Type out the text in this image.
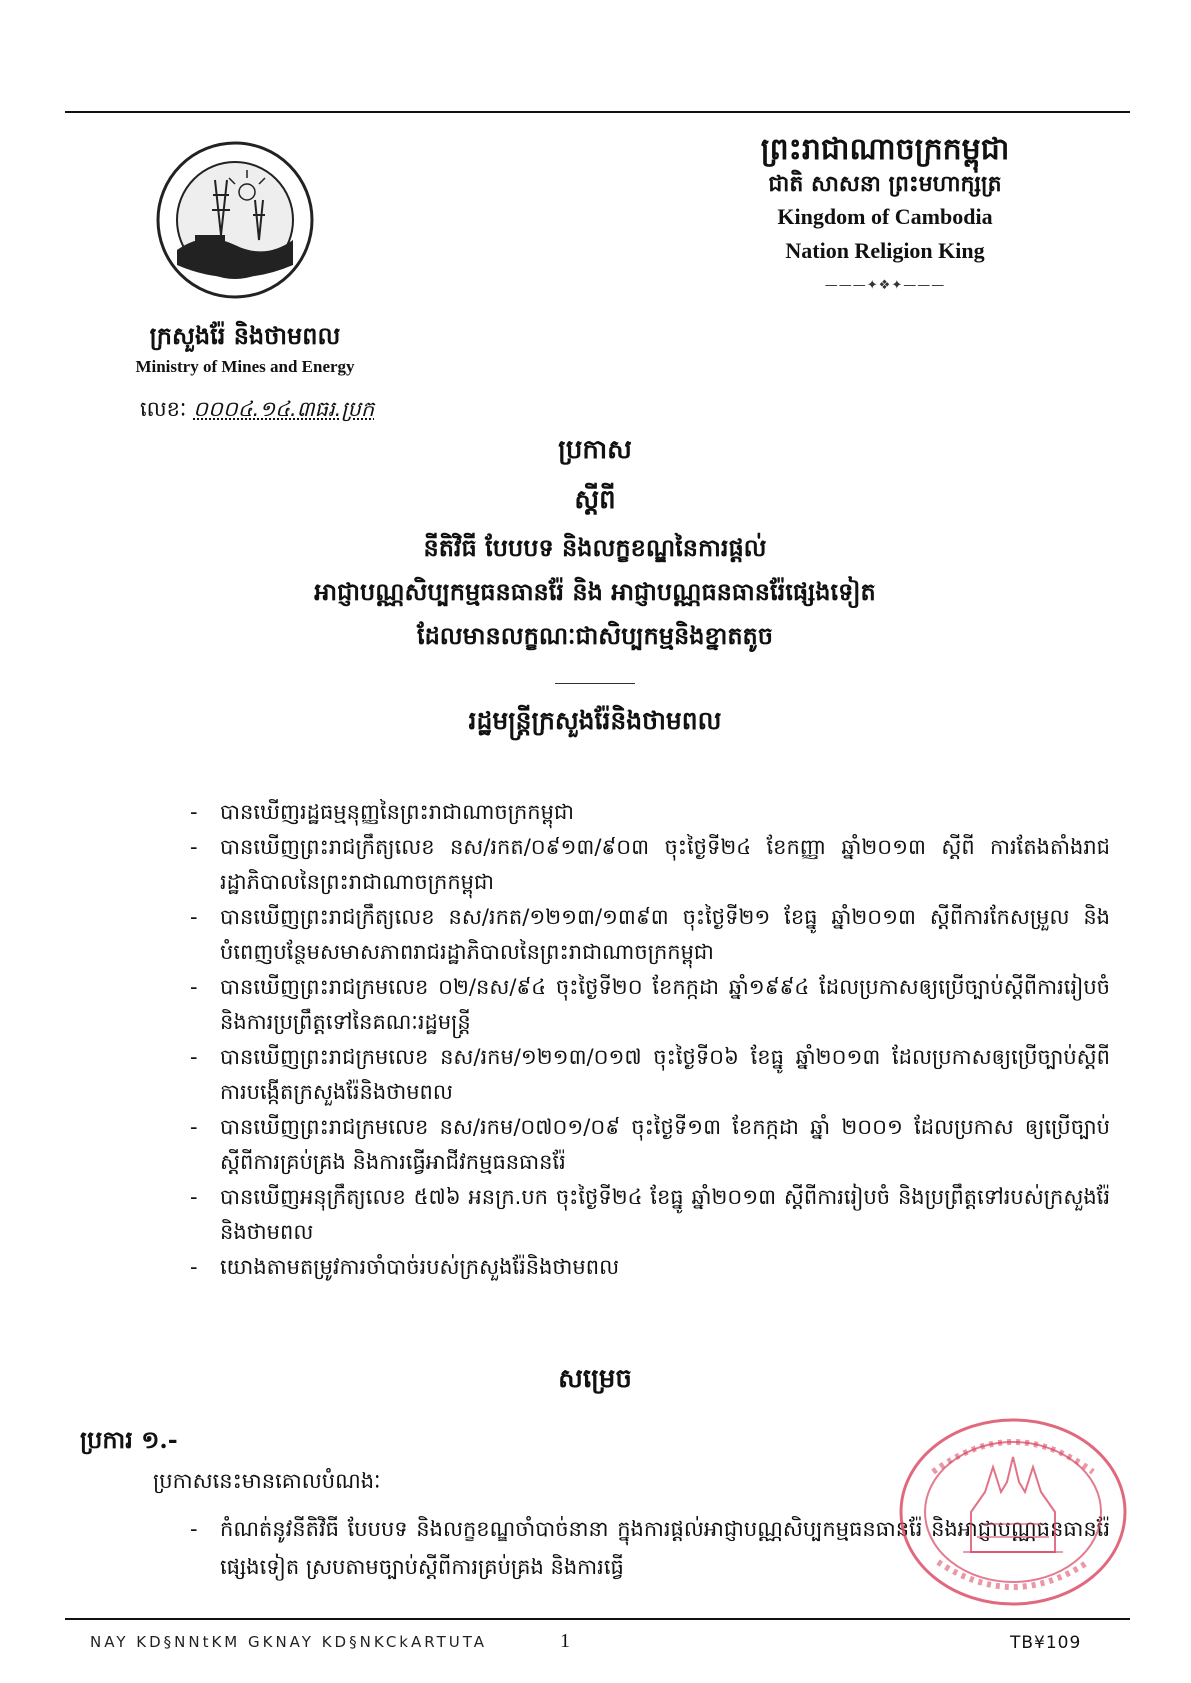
ព្រះរាជាណាចក្រកម្ពុជា
ជាតិ សាសនា ព្រះមហាក្សត្រ
Kingdom of Cambodia
Nation Religion King
———✦❖✦———
ក្រសួងរ៉ែ និងថាមពល
Ministry of Mines and Energy
លេខៈ ០០០៤.១៤.៣ធរ.ប្រក
ប្រកាស
ស្តីពី
នីតិវិធី បែបបទ និងលក្ខខណ្ឌនៃការផ្តល់
អាជ្ញាបណ្ណសិប្បកម្មធនធានរ៉ែ និង អាជ្ញាបណ្ណធនធានរ៉ែផ្សេងទៀត
ដែលមានលក្ខណៈជាសិប្បកម្មនិងខ្នាតតូច
រដ្ឋមន្ត្រីក្រសួងរ៉ែនិងថាមពល
- បានឃើញរដ្ឋធម្មនុញ្ញនៃព្រះរាជាណាចក្រកម្ពុជា
- បានឃើញព្រះរាជក្រឹត្យលេខ នស/រកត/០៩១៣/៩០៣ ចុះថ្ងៃទី២៤ ខែកញ្ញា ឆ្នាំ២០១៣ ស្តីពី ការតែងតាំងរាជរដ្ឋាភិបាលនៃព្រះរាជាណាចក្រកម្ពុជា
- បានឃើញព្រះរាជក្រឹត្យលេខ នស/រកត/១២១៣/១៣៩៣ ចុះថ្ងៃទី២១ ខែធ្នូ ឆ្នាំ២០១៣ ស្តីពីការកែសម្រួល និងបំពេញបន្ថែមសមាសភាពរាជរដ្ឋាភិបាលនៃព្រះរាជាណាចក្រកម្ពុជា
- បានឃើញព្រះរាជក្រមលេខ ០២/នស/៩៤ ចុះថ្ងៃទី២០ ខែកក្កដា ឆ្នាំ១៩៩៤ ដែលប្រកាសឲ្យប្រើច្បាប់ស្តីពីការរៀបចំនិងការប្រព្រឹត្តទៅនៃគណៈរដ្ឋមន្ត្រី
- បានឃើញព្រះរាជក្រមលេខ នស/រកម/១២១៣/០១៧ ចុះថ្ងៃទី០៦ ខែធ្នូ ឆ្នាំ២០១៣ ដែលប្រកាសឲ្យប្រើច្បាប់ស្តីពីការបង្កើតក្រសួងរ៉ែនិងថាមពល
- បានឃើញព្រះរាជក្រមលេខ នស/រកម/០៧០១/០៩ ចុះថ្ងៃទី១៣ ខែកក្កដា ឆ្នាំ ២០០១ ដែលប្រកាស ឲ្យប្រើច្បាប់ស្តីពីការគ្រប់គ្រង និងការធ្វើអាជីវកម្មធនធានរ៉ែ
- បានឃើញអនុក្រឹត្យលេខ ៥៧៦ អនក្រ.បក ចុះថ្ងៃទី២៤ ខែធ្នូ ឆ្នាំ២០១៣ ស្តីពីការរៀបចំ និងប្រព្រឹត្តទៅរបស់ក្រសួងរ៉ែនិងថាមពល
- យោងតាមតម្រូវការចាំបាច់របស់ក្រសួងរ៉ែនិងថាមពល
សម្រេច
ប្រការ ១.-
ប្រកាសនេះមានគោលបំណងៈ
- កំណត់នូវនីតិវិធី បែបបទ និងលក្ខខណ្ឌចាំបាច់នានា ក្នុងការផ្តល់អាជ្ញាបណ្ណសិប្បកម្មធនធានរ៉ែ និងអាជ្ញាបណ្ណធនធានរ៉ែផ្សេងទៀត ស្របតាមច្បាប់ស្តីពីការគ្រប់គ្រង និងការធ្វើ
NAY KD§NNtKM GKNAY KD§NKCkARTUTA	1	TB¥109
